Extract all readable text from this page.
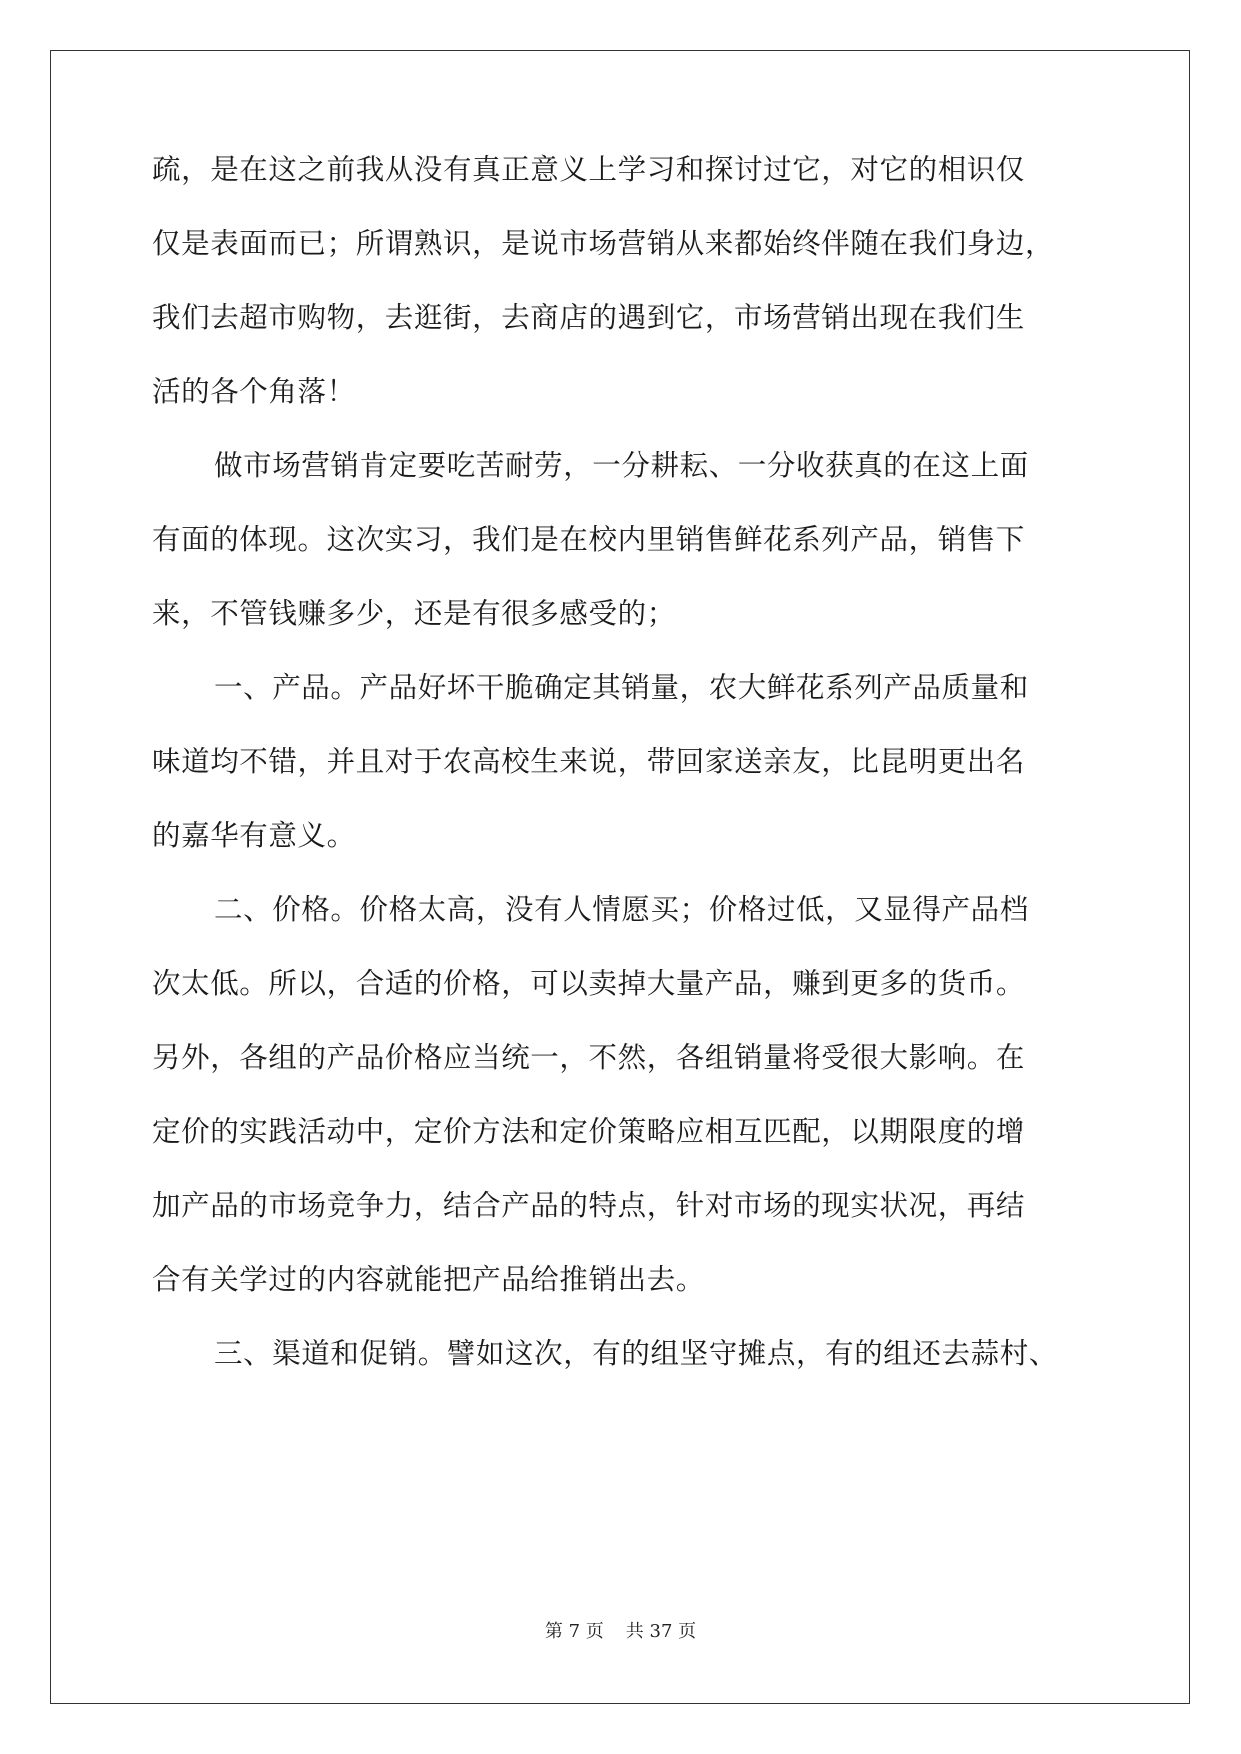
疏，是在这之前我从没有真正意义上学习和探讨过它，对它的相识仅
仅是表面而已；所谓熟识，是说市场营销从来都始终伴随在我们身边，
我们去超市购物，去逛街，去商店的遇到它，市场营销出现在我们生
活的各个角落！
做市场营销肯定要吃苦耐劳，一分耕耘、一分收获真的在这上面
有面的体现。这次实习，我们是在校内里销售鲜花系列产品，销售下
来，不管钱赚多少，还是有很多感受的；
一、产品。产品好坏干脆确定其销量，农大鲜花系列产品质量和
味道均不错，并且对于农高校生来说，带回家送亲友，比昆明更出名
的嘉华有意义。
二、价格。价格太高，没有人情愿买；价格过低，又显得产品档
次太低。所以，合适的价格，可以卖掉大量产品，赚到更多的货币。
另外，各组的产品价格应当统一，不然，各组销量将受很大影响。在
定价的实践活动中，定价方法和定价策略应相互匹配，以期限度的增
加产品的市场竞争力，结合产品的特点，针对市场的现实状况，再结
合有关学过的内容就能把产品给推销出去。
三、渠道和促销。譬如这次，有的组坚守摊点，有的组还去蒜村、
第 7 页 共 37 页
